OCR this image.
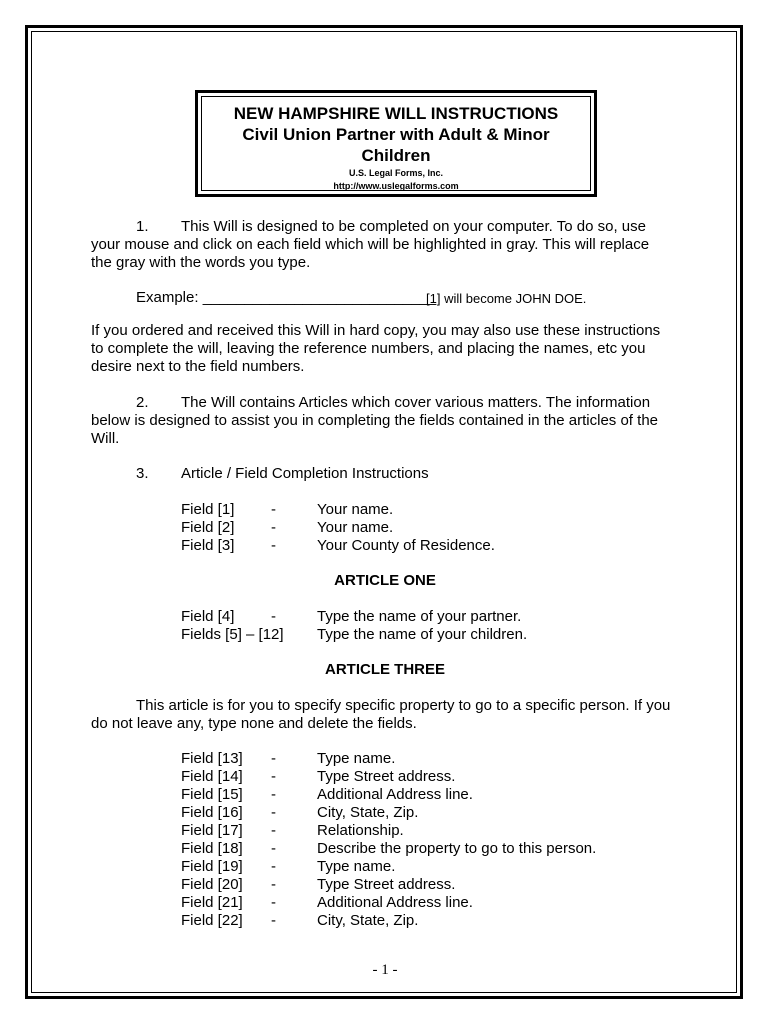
NEW HAMPSHIRE WILL INSTRUCTIONS
Civil Union Partner with Adult & Minor
Children
U.S. Legal Forms, Inc.
http://www.uslegalforms.com
1. This Will is designed to be completed on your computer. To do so, use
your mouse and click on each field which will be highlighted in gray. This will replace
the gray with the words you type.
Example: ____________________________
[1] will become JOHN DOE.
If you ordered and received this Will in hard copy, you may also use these instructions
to complete the will, leaving the reference numbers, and placing the names, etc you
desire next to the field numbers.
2. The Will contains Articles which cover various matters. The information
below is designed to assist you in completing the fields contained in the articles of the
Will.
3. Article / Field Completion Instructions
Field [1] -	Your name.
Field [2] -	Your name.
Field [3] -	Your County of Residence.
ARTICLE ONE
Field [4] -	Type the name of your partner.
Fields [5] – [12] Type the name of your children.
ARTICLE THREE
This article is for you to specify specific property to go to a specific person. If you
do not leave any, type none and delete the fields.
Field [13] -	Type name.
Field [14] -	Type Street address.
Field [15] -	Additional Address line.
Field [16] -	City, State, Zip.
Field [17] -	Relationship.
Field [18] -	Describe the property to go to this person.
Field [19] -	Type name.
Field [20] -	Type Street address.
Field [21] -	Additional Address line.
Field [22] -	City, State, Zip.
- 1 -
